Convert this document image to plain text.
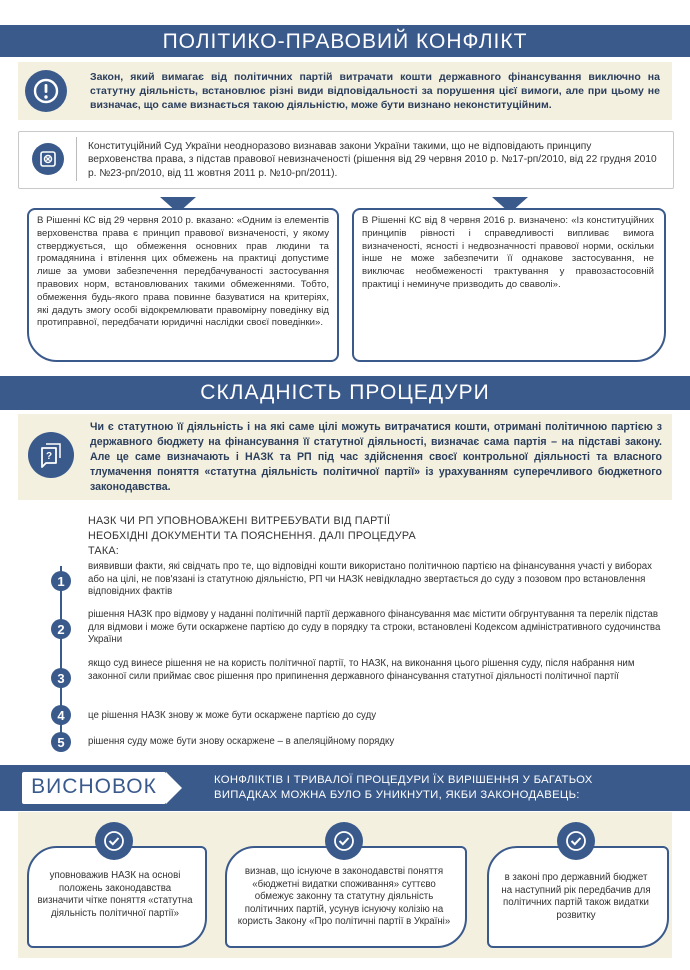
ПОЛІТИКО-ПРАВОВИЙ КОНФЛІКТ
Закон, який вимагає від політичних партій витрачати кошти державного фінансування виключно на статутну діяльність, встановлює різні види відповідальності за порушення цієї вимоги, але при цьому не визначає, що саме визнається такою діяльністю, може бути визнано неконституційним.
Конституційний Суд України неодноразово визнавав закони України такими, що не відповідають принципу верховенства права, з підстав правової невизначеності (рішення від 29 червня 2010 р. №17-рп/2010, від 22 грудня 2010 р. №23-рп/2010, від 11 жовтня 2011 р. №10-рп/2011).
В Рішенні КС від 29 червня 2010 р. вказано: «Одним із елементів верховенства права є принцип правової визначеності, у якому стверджується, що обмеження основних прав людини та громадянина і втілення цих обмежень на практиці допустиме лише за умови забезпечення передбачуваності застосування правових норм, встановлюваних такими обмеженнями. Тобто, обмеження будь-якого права повинне базуватися на критеріях, які дадуть змогу особі відокремлювати правомірну поведінку від протиправної, передбачати юридичні наслідки своєї поведінки».
В Рішенні КС від 8 червня 2016 р. визначено: «Із конституційних принципів рівності і справедливості випливає вимога визначеності, ясності і недвозначності правової норми, оскільки інше не може забезпечити її однакове застосування, не виключає необмеженості трактування у правозастосовній практиці і неминуче призводить до сваволі».
СКЛАДНІСТЬ ПРОЦЕДУРИ
?
Чи є статутною її діяльність і на які саме цілі можуть витрачатися кошти, отримані політичною партією з державного бюджету на фінансування її статутної діяльності, визначає сама партія – на підставі закону. Але це саме визначають і НАЗК та РП під час здійснення своєї контрольної діяльності та власного тлумачення поняття «статутна діяльність політичної партії» із урахуванням суперечливого бюджетного законодавства.
НАЗК ЧИ РП УПОВНОВАЖЕНІ ВИТРЕБУВАТИ ВІД ПАРТІЇ НЕОБХІДНІ ДОКУМЕНТИ ТА ПОЯСНЕННЯ. ДАЛІ ПРОЦЕДУРА ТАКА:
1
виявивши факти, які свідчать про те, що відповідні кошти використано політичною партією на фінансування участі у виборах або на цілі, не пов'язані із статутною діяльністю, РП чи НАЗК невідкладно звертається до суду з позовом про встановлення відповідних фактів
2
рішення НАЗК про відмову у наданні політичній партії державного фінансування має містити обгрунтування та перелік підстав для відмови і може бути оскаржене партією до суду в порядку та строки, встановлені Кодексом адміністративного судочинства України
3
якщо суд винесе рішення не на користь політичної партії, то НАЗК, на виконання цього рішення суду, після набрання ним законної сили приймає своє рішення про припинення державного фінансування статутної діяльності політичної партії
4	це рішення НАЗК знову ж може бути оскаржене партією до суду
5	рішення суду може бути знову оскаржене – в апеляційному порядку
ВИСНОВОК	КОНФЛІКТІВ І ТРИВАЛОЇ ПРОЦЕДУРИ ЇХ ВИРІШЕННЯ У БАГАТЬОХ ВИПАДКАХ МОЖНА БУЛО Б УНИКНУТИ, ЯКБИ ЗАКОНОДАВЕЦЬ:
уповноважив НАЗК на основі положень законодавства визначити чітке поняття «статутна діяльність політичної партії»
визнав, що існуюче в законодавстві поняття «бюджетні видатки споживання» суттєво обмежує законну та статутну діяльність політичних партій, усунув існуючу колізію на користь Закону «Про політичні партії в Україні»
в законі про державний бюджет на наступний рік передбачив для політичних партій також видатки розвитку
